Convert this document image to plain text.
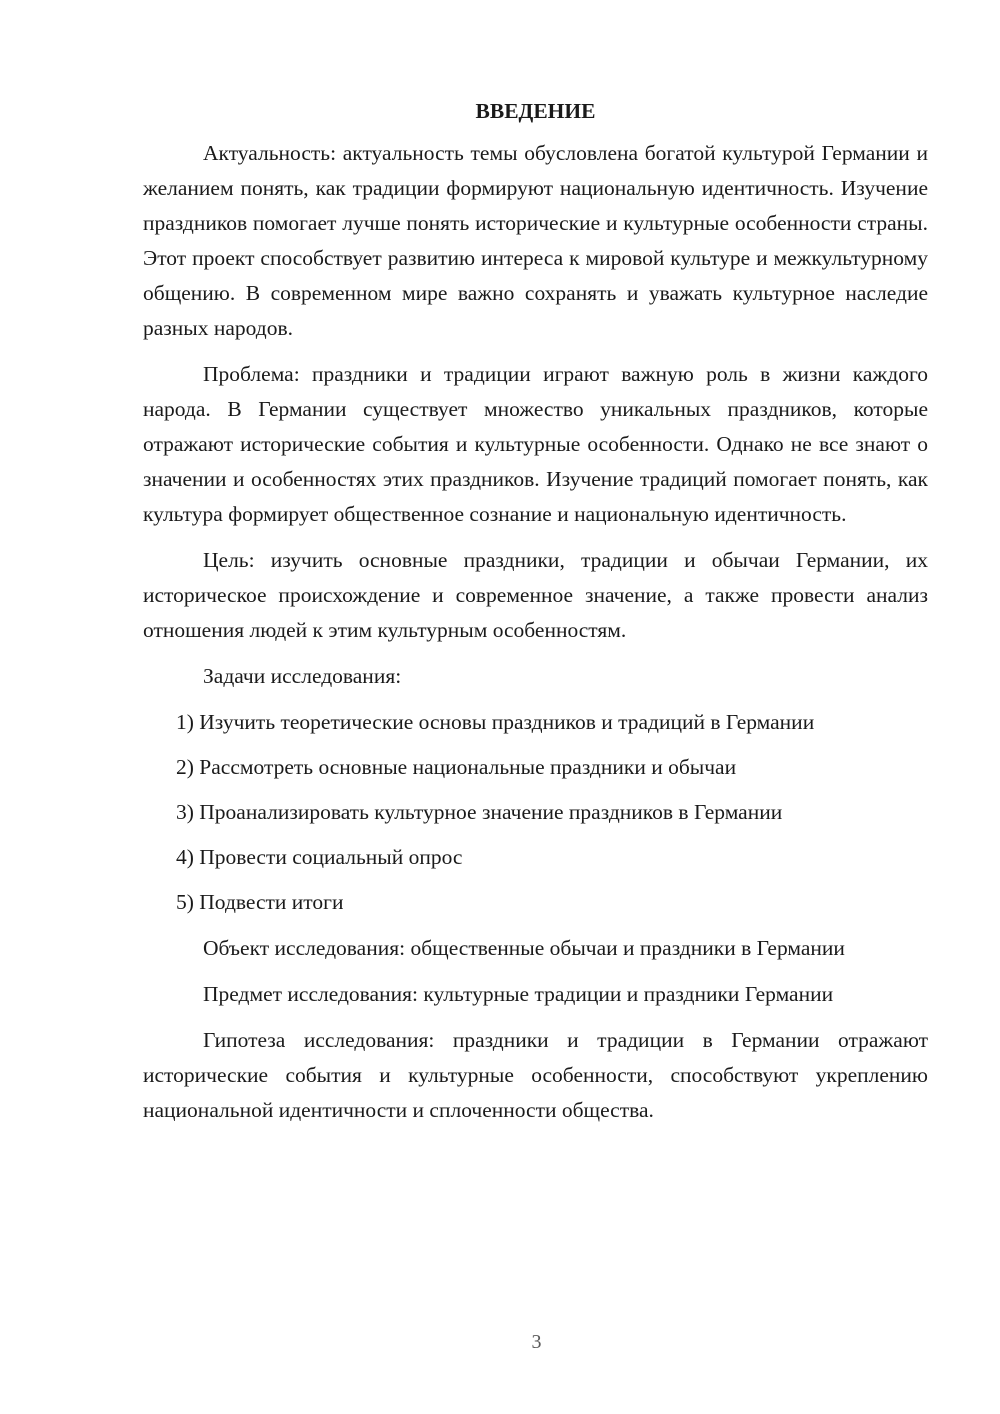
ВВЕДЕНИЕ

Актуальность: актуальность темы обусловлена богатой культурой Германии и желанием понять, как традиции формируют национальную идентичность. Изучение праздников помогает лучше понять исторические и культурные особенности страны. Этот проект способствует развитию интереса к мировой культуре и межкультурному общению. В современном мире важно сохранять и уважать культурное наследие разных народов.

Проблема: праздники и традиции играют важную роль в жизни каждого народа. В Германии существует множество уникальных праздников, которые отражают исторические события и культурные особенности. Однако не все знают о значении и особенностях этих праздников. Изучение традиций помогает понять, как культура формирует общественное сознание и национальную идентичность.

Цель: изучить основные праздники, традиции и обычаи Германии, их историческое происхождение и современное значение, а также провести анализ отношения людей к этим культурным особенностям.

Задачи исследования:

1) Изучить теоретические основы праздников и традиций в Германии
2) Рассмотреть основные национальные праздники и обычаи
3) Проанализировать культурное значение праздников в Германии
4) Провести социальный опрос
5) Подвести итоги

Объект исследования: общественные обычаи и праздники в Германии

Предмет исследования: культурные традиции и праздники Германии

Гипотеза исследования: праздники и традиции в Германии отражают исторические события и культурные особенности, способствуют укреплению национальной идентичности и сплоченности общества.

3
